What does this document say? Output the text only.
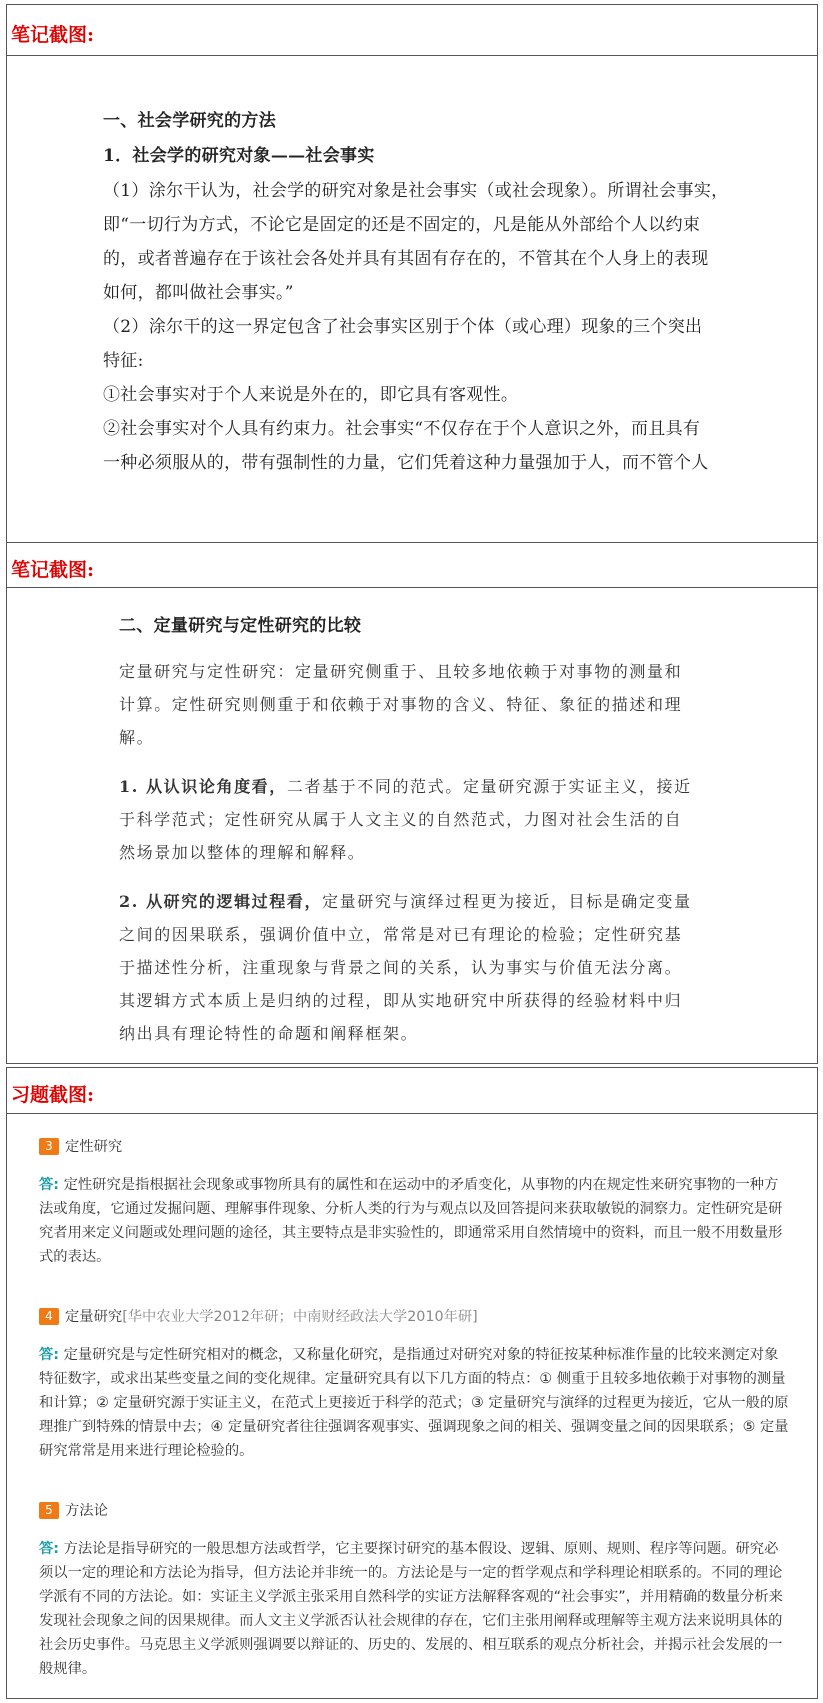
笔记截图:
一、社会学研究的方法
1．社会学的研究对象——社会事实
（1）涂尔干认为，社会学的研究对象是社会事实（或社会现象）。所谓社会事实，
即“一切行为方式，不论它是固定的还是不固定的，凡是能从外部给个人以约束
的，或者普遍存在于该社会各处并具有其固有存在的，不管其在个人身上的表现
如何，都叫做社会事实。”
（2）涂尔干的这一界定包含了社会事实区别于个体（或心理）现象的三个突出
特征:
①社会事实对于个人来说是外在的，即它具有客观性。
②社会事实对个人具有约束力。社会事实“不仅存在于个人意识之外，而且具有
一种必须服从的，带有强制性的力量，它们凭着这种力量强加于人，而不管个人
笔记截图:
二、定量研究与定性研究的比较
定量研究与定性研究：定量研究侧重于、且较多地依赖于对事物的测量和
计算。定性研究则侧重于和依赖于对事物的含义、特征、象征的描述和理
解。
1. 从认识论角度看，二者基于不同的范式。定量研究源于实证主义，接近
于科学范式；定性研究从属于人文主义的自然范式，力图对社会生活的自
然场景加以整体的理解和解释。
2. 从研究的逻辑过程看，定量研究与演绎过程更为接近，目标是确定变量
之间的因果联系，强调价值中立，常常是对已有理论的检验；定性研究基
于描述性分析，注重现象与背景之间的关系，认为事实与价值无法分离。
其逻辑方式本质上是归纳的过程，即从实地研究中所获得的经验材料中归
纳出具有理论特性的命题和阐释框架。
习题截图:
3 定性研究
答: 定性研究是指根据社会现象或事物所具有的属性和在运动中的矛盾变化，从事物的内在规定性来研究事物的一种方
法或角度，它通过发掘问题、理解事件现象、分析人类的行为与观点以及回答提问来获取敏锐的洞察力。定性研究是研
究者用来定义问题或处理问题的途径，其主要特点是非实验性的，即通常采用自然情境中的资料，而且一般不用数量形
式的表达。
4 定量研究[华中农业大学2012年研；中南财经政法大学2010年研]
答: 定量研究是与定性研究相对的概念，又称量化研究，是指通过对研究对象的特征按某种标准作量的比较来测定对象
特征数字，或求出某些变量之间的变化规律。定量研究具有以下几方面的特点：① 侧重于且较多地依赖于对事物的测量
和计算；② 定量研究源于实证主义，在范式上更接近于科学的范式；③ 定量研究与演绎的过程更为接近，它从一般的原
理推广到特殊的情景中去；④ 定量研究者往往强调客观事实、强调现象之间的相关、强调变量之间的因果联系；⑤ 定量
研究常常是用来进行理论检验的。
5 方法论
答: 方法论是指导研究的一般思想方法或哲学，它主要探讨研究的基本假设、逻辑、原则、规则、程序等问题。研究必
须以一定的理论和方法论为指导，但方法论并非统一的。方法论是与一定的哲学观点和学科理论相联系的。不同的理论
学派有不同的方法论。如：实证主义学派主张采用自然科学的实证方法解释客观的“社会事实”，并用精确的数量分析来
发现社会现象之间的因果规律。而人文主义学派否认社会规律的存在，它们主张用阐释或理解等主观方法来说明具体的
社会历史事件。马克思主义学派则强调要以辩证的、历史的、发展的、相互联系的观点分析社会，并揭示社会发展的一
般规律。
